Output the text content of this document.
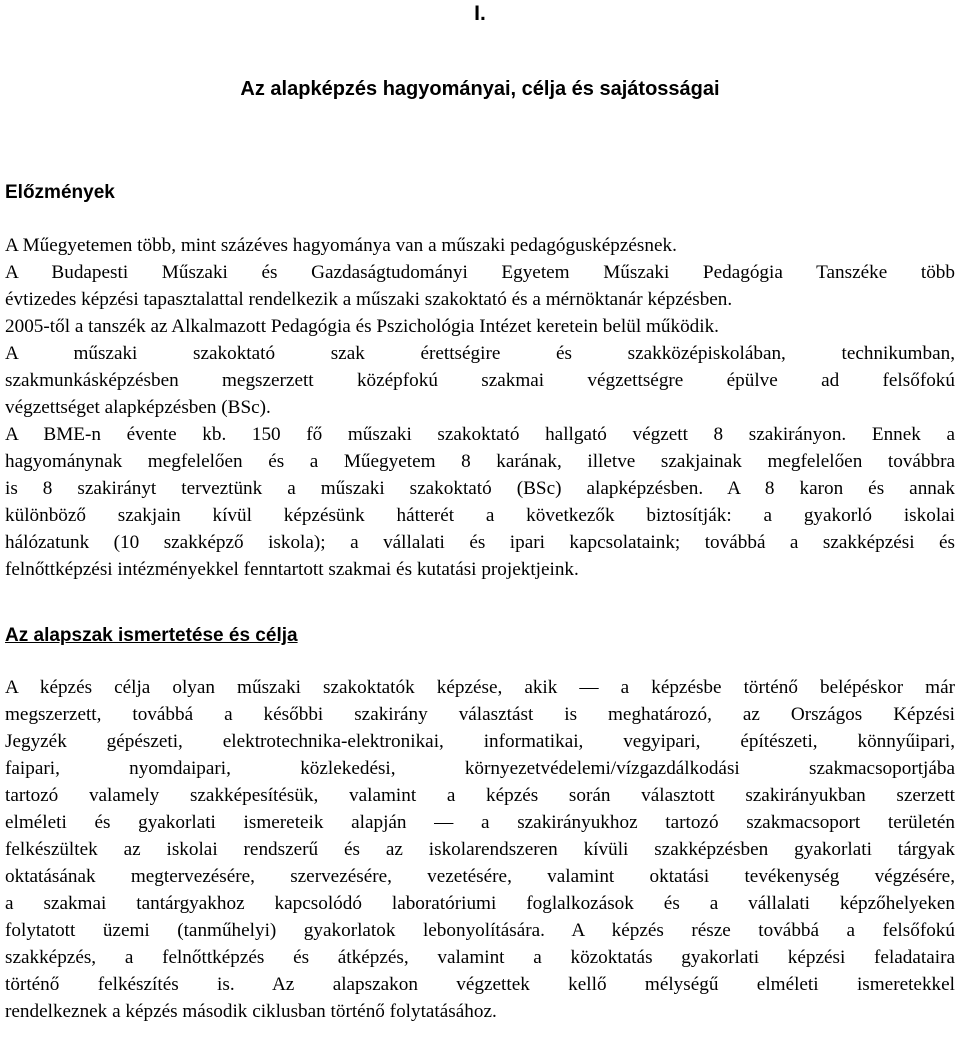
I.
Az alapképzés hagyományai, célja és sajátosságai
Előzmények
A Műegyetemen több, mint százéves hagyománya van a műszaki pedagógusképzésnek.
A Budapesti Műszaki és Gazdaságtudományi Egyetem Műszaki Pedagógia Tanszéke több
évtizedes képzési tapasztalattal rendelkezik a műszaki szakoktató és a mérnöktanár képzésben.
2005-től a tanszék az Alkalmazott Pedagógia és Pszichológia Intézet keretein belül működik.
A műszaki szakoktató szak érettségire és szakközépiskolában, technikumban,
szakmunkásképzésben megszerzett középfokú szakmai végzettségre épülve ad felsőfokú
végzettséget alapképzésben (BSc).
A BME-n évente kb. 150 fő műszaki szakoktató hallgató végzett 8 szakirányon. Ennek a
hagyománynak megfelelően és a Műegyetem 8 karának, illetve szakjainak megfelelően továbbra
is 8 szakirányt terveztünk a műszaki szakoktató (BSc) alapképzésben. A 8 karon és annak
különböző szakjain kívül képzésünk hátterét a következők biztosítják: a gyakorló iskolai
hálózatunk (10 szakképző iskola); a vállalati és ipari kapcsolataink; továbbá a szakképzési és
felnőttképzési intézményekkel fenntartott szakmai és kutatási projektjeink.
Az alapszak ismertetése és célja
A képzés célja olyan műszaki szakoktatók képzése, akik — a képzésbe történő belépéskor már
megszerzett, továbbá a későbbi szakirány választást is meghatározó, az Országos Képzési
Jegyzék gépészeti, elektrotechnika-elektronikai, informatikai, vegyipari, építészeti, könnyűipari,
faipari, nyomdaipari, közlekedési, környezetvédelemi/vízgazdálkodási szakmacsoportjába
tartozó valamely szakképesítésük, valamint a képzés során választott szakirányukban szerzett
elméleti és gyakorlati ismereteik alapján — a szakirányukhoz tartozó szakmacsoport területén
felkészültek az iskolai rendszerű és az iskolarendszeren kívüli szakképzésben gyakorlati tárgyak
oktatásának megtervezésére, szervezésére, vezetésére, valamint oktatási tevékenység végzésére,
a szakmai tantárgyakhoz kapcsolódó laboratóriumi foglalkozások és a vállalati képzőhelyeken
folytatott üzemi (tanműhelyi) gyakorlatok lebonyolítására. A képzés része továbbá a felsőfokú
szakképzés, a felnőttképzés és átképzés, valamint a közoktatás gyakorlati képzési feladataira
történő felkészítés is. Az alapszakon végzettek kellő mélységű elméleti ismeretekkel
rendelkeznek a képzés második ciklusban történő folytatásához.
